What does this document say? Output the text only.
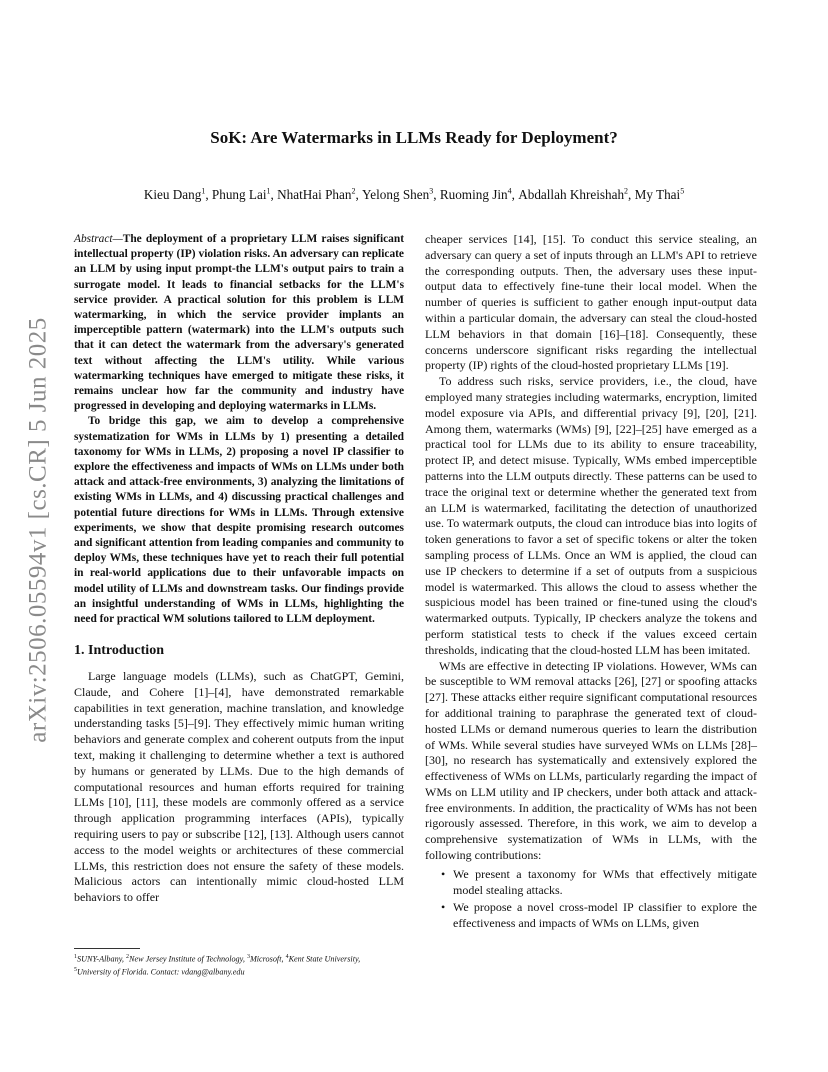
arXiv:2506.05594v1 [cs.CR] 5 Jun 2025
SoK: Are Watermarks in LLMs Ready for Deployment?
Kieu Dang$^1$, Phung Lai$^1$, NhatHai Phan$^2$, Yelong Shen$^3$, Ruoming Jin$^4$, Abdallah Khreishah$^2$, My Thai$^5$

Abstract—The deployment of a proprietary LLM raises significant intellectual property (IP) violation risks. An adversary can replicate an LLM by using input prompt-the LLM's output pairs to train a surrogate model. It leads to financial setbacks for the LLM's service provider. A practical solution for this problem is LLM watermarking, in which the service provider implants an imperceptible pattern (watermark) into the LLM's outputs such that it can detect the watermark from the adversary's generated text without affecting the LLM's utility. While various watermarking techniques have emerged to mitigate these risks, it remains unclear how far the community and industry have progressed in developing and deploying watermarks in LLMs.

To bridge this gap, we aim to develop a comprehensive systematization for WMs in LLMs by 1) presenting a detailed taxonomy for WMs in LLMs, 2) proposing a novel IP classifier to explore the effectiveness and impacts of WMs on LLMs under both attack and attack-free environments, 3) analyzing the limitations of existing WMs in LLMs, and 4) discussing practical challenges and potential future directions for WMs in LLMs. Through extensive experiments, we show that despite promising research outcomes and significant attention from leading companies and community to deploy WMs, these techniques have yet to reach their full potential in real-world applications due to their unfavorable impacts on model utility of LLMs and downstream tasks. Our findings provide an insightful understanding of WMs in LLMs, highlighting the need for practical WM solutions tailored to LLM deployment.

1. Introduction

Large language models (LLMs), such as ChatGPT, Gemini, Claude, and Cohere [1]–[4], have demonstrated remarkable capabilities in text generation, machine translation, and knowledge understanding tasks [5]–[9]. They effectively mimic human writing behaviors and generate complex and coherent outputs from the input text, making it challenging to determine whether a text is authored by humans or generated by LLMs. Due to the high demands of computational resources and human efforts required for training LLMs [10], [11], these models are commonly offered as a service through application programming interfaces (APIs), typically requiring users to pay or subscribe [12], [13]. Although users cannot access to the model weights or architectures of these commercial LLMs, this restriction does not ensure the safety of these models. Malicious actors can intentionally mimic cloud-hosted LLM behaviors to offer

cheaper services [14], [15]. To conduct this service stealing, an adversary can query a set of inputs through an LLM's API to retrieve the corresponding outputs. Then, the adversary uses these input-output data to effectively fine-tune their local model. When the number of queries is sufficient to gather enough input-output data within a particular domain, the adversary can steal the cloud-hosted LLM behaviors in that domain [16]–[18]. Consequently, these concerns underscore significant risks regarding the intellectual property (IP) rights of the cloud-hosted proprietary LLMs [19].

To address such risks, service providers, i.e., the cloud, have employed many strategies including watermarks, encryption, limited model exposure via APIs, and differential privacy [9], [20], [21]. Among them, watermarks (WMs) [9], [22]–[25] have emerged as a practical tool for LLMs due to its ability to ensure traceability, protect IP, and detect misuse. Typically, WMs embed imperceptible patterns into the LLM outputs directly. These patterns can be used to trace the original text or determine whether the generated text from an LLM is watermarked, facilitating the detection of unauthorized use. To watermark outputs, the cloud can introduce bias into logits of token generations to favor a set of specific tokens or alter the token sampling process of LLMs. Once an WM is applied, the cloud can use IP checkers to determine if a set of outputs from a suspicious model is watermarked. This allows the cloud to assess whether the suspicious model has been trained or fine-tuned using the cloud's watermarked outputs. Typically, IP checkers analyze the tokens and perform statistical tests to check if the values exceed certain thresholds, indicating that the cloud-hosted LLM has been imitated.

WMs are effective in detecting IP violations. However, WMs can be susceptible to WM removal attacks [26], [27] or spoofing attacks [27]. These attacks either require significant computational resources for additional training to paraphrase the generated text of cloud-hosted LLMs or demand numerous queries to learn the distribution of WMs. While several studies have surveyed WMs on LLMs [28]–[30], no research has systematically and extensively explored the effectiveness of WMs on LLMs, particularly regarding the impact of WMs on LLM utility and IP checkers, under both attack and attack-free environments. In addition, the practicality of WMs has not been rigorously assessed. Therefore, in this work, we aim to develop a comprehensive systematization of WMs in LLMs, with the following contributions:

• We present a taxonomy for WMs that effectively mitigate model stealing attacks.
• We propose a novel cross-model IP classifier to explore the effectiveness and impacts of WMs on LLMs, given
$^1$SUNY-Albany, $^2$New Jersey Institute of Technology, $^3$Microsoft, $^4$Kent State University,
$^5$University of Florida. Contact: vdang@albany.edu
